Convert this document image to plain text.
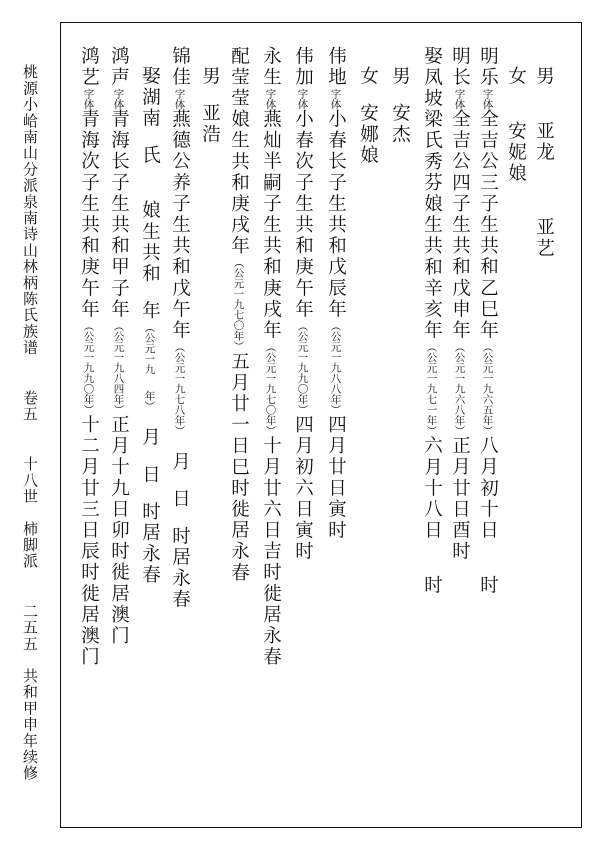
桃源小峆南山分派泉南诗山林柄陈氏族谱卷五十八世柿脚派二五五共和甲申年续修
男亚龙亚艺
女安妮娘
明乐字体全吉公三子生共和乙巳年（公元一九六五年）八月初十日时
明长字体全吉公四子生共和戊申年（公元一九六八年）正月廿日酉时
娶凤坡梁氏秀芬娘生共和辛亥年（公元一九七一年）六月十八日时
男安杰
女安娜娘
伟地字体小春长子生共和戊辰年（公元一九八八年）四月廿日寅时
伟加字体小春次子生共和庚午年（公元一九九〇年）四月初六日寅时
永生字体燕灿半嗣子生共和庚戌年（公元一九七〇年）十月廿六日吉时徙居永春
配莹莹娘生共和庚戌年（公元一九七〇年）五月廿一日巳时徙居永春
男亚浩
锦佳字体燕德公养子生共和戊午年（公元一九七八年）月日时居永春
娶湖南氏娘生共和年（公元一九年）月日时居永春
鸿声字体青海长子生共和甲子年（公元一九八四年）正月十九日卯时徙居澳门
鸿艺字体青海次子生共和庚午年（公元一九九〇年）十二月廿三日辰时徙居澳门
